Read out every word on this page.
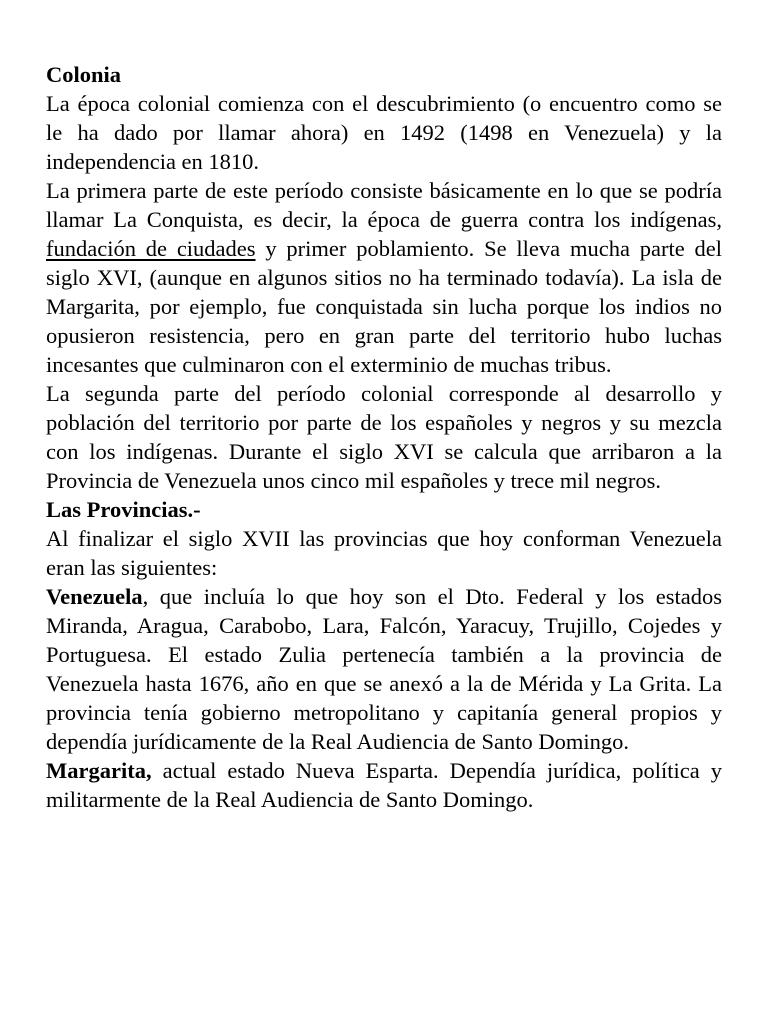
Colonia

La época colonial comienza con el descubrimiento (o encuentro como se le ha dado por llamar ahora) en 1492 (1498 en Venezuela) y la independencia en 1810.

La primera parte de este período consiste básicamente en lo que se podría llamar La Conquista, es decir, la época de guerra contra los indígenas, fundación de ciudades y primer poblamiento. Se lleva mucha parte del siglo XVI, (aunque en algunos sitios no ha terminado todavía). La isla de Margarita, por ejemplo, fue conquistada sin lucha porque los indios no opusieron resistencia, pero en gran parte del territorio hubo luchas incesantes que culminaron con el exterminio de muchas tribus.

La segunda parte del período colonial corresponde al desarrollo y población del territorio por parte de los españoles y negros y su mezcla con los indígenas. Durante el siglo XVI se calcula que arribaron a la Provincia de Venezuela unos cinco mil españoles y trece mil negros.

Las Provincias.-

Al finalizar el siglo XVII las provincias que hoy conforman Venezuela eran las siguientes:

Venezuela, que incluía lo que hoy son el Dto. Federal y los estados Miranda, Aragua, Carabobo, Lara, Falcón, Yaracuy, Trujillo, Cojedes y Portuguesa. El estado Zulia pertenecía también a la provincia de Venezuela hasta 1676, año en que se anexó a la de Mérida y La Grita. La provincia tenía gobierno metropolitano y capitanía general propios y dependía jurídicamente de la Real Audiencia de Santo Domingo.

Margarita, actual estado Nueva Esparta. Dependía jurídica, política y militarmente de la Real Audiencia de Santo Domingo.
